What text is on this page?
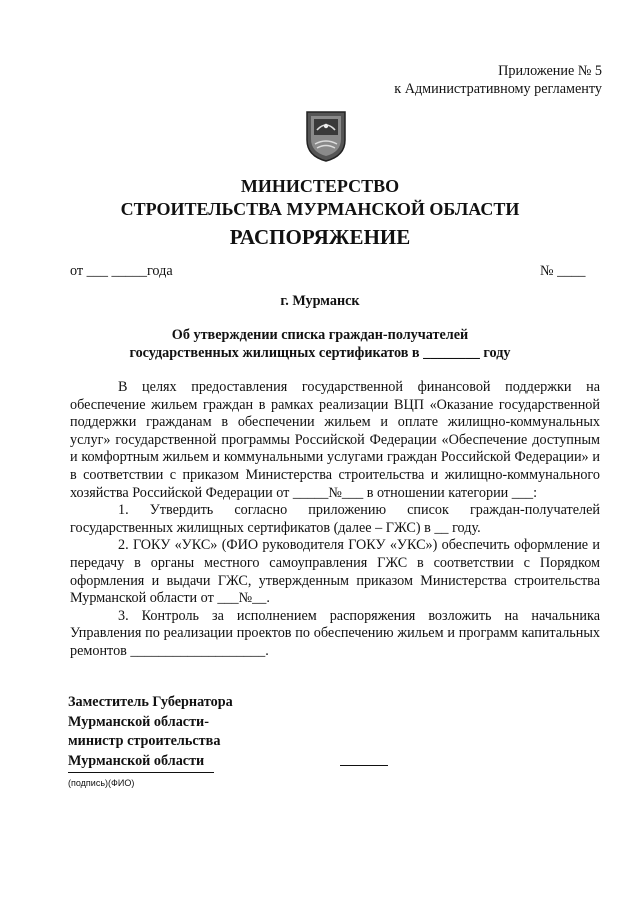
Приложение № 5
к Административному регламенту
МИНИСТЕРСТВО
СТРОИТЕЛЬСТВА МУРМАНСКОЙ ОБЛАСТИ
РАСПОРЯЖЕНИЕ
от ___ _____года	№ ____
г. Мурманск
Об утверждении списка граждан-получателей
государственных жилищных сертификатов в ________ году

В целях предоставления государственной финансовой поддержки на обеспечение жильем граждан в рамках реализации ВЦП «Оказание государственной поддержки гражданам в обеспечении жильем и оплате жилищно-коммунальных услуг» государственной программы Российской Федерации «Обеспечение доступным и комфортным жильем и коммунальными услугами граждан Российской Федерации» и в соответствии с приказом Министерства строительства и жилищно-коммунального хозяйства Российской Федерации от _____№___ в отношении категории ___:

1. Утвердить согласно приложению список граждан-получателей государственных жилищных сертификатов (далее – ГЖС) в __ году.

2. ГОКУ «УКС» (ФИО руководителя ГОКУ «УКС») обеспечить оформление и передачу в органы местного самоуправления ГЖС в соответствии с Порядком оформления и выдачи ГЖС, утвержденным приказом Министерства строительства Мурманской области от ___№__.

3. Контроль за исполнением распоряжения возложить на начальника Управления по реализации проектов по обеспечению жильем и программ капитальных ремонтов ___________________.

Заместитель Губернатора
Мурманской области-
министр строительства
Мурманской области
(подпись)(ФИО)
